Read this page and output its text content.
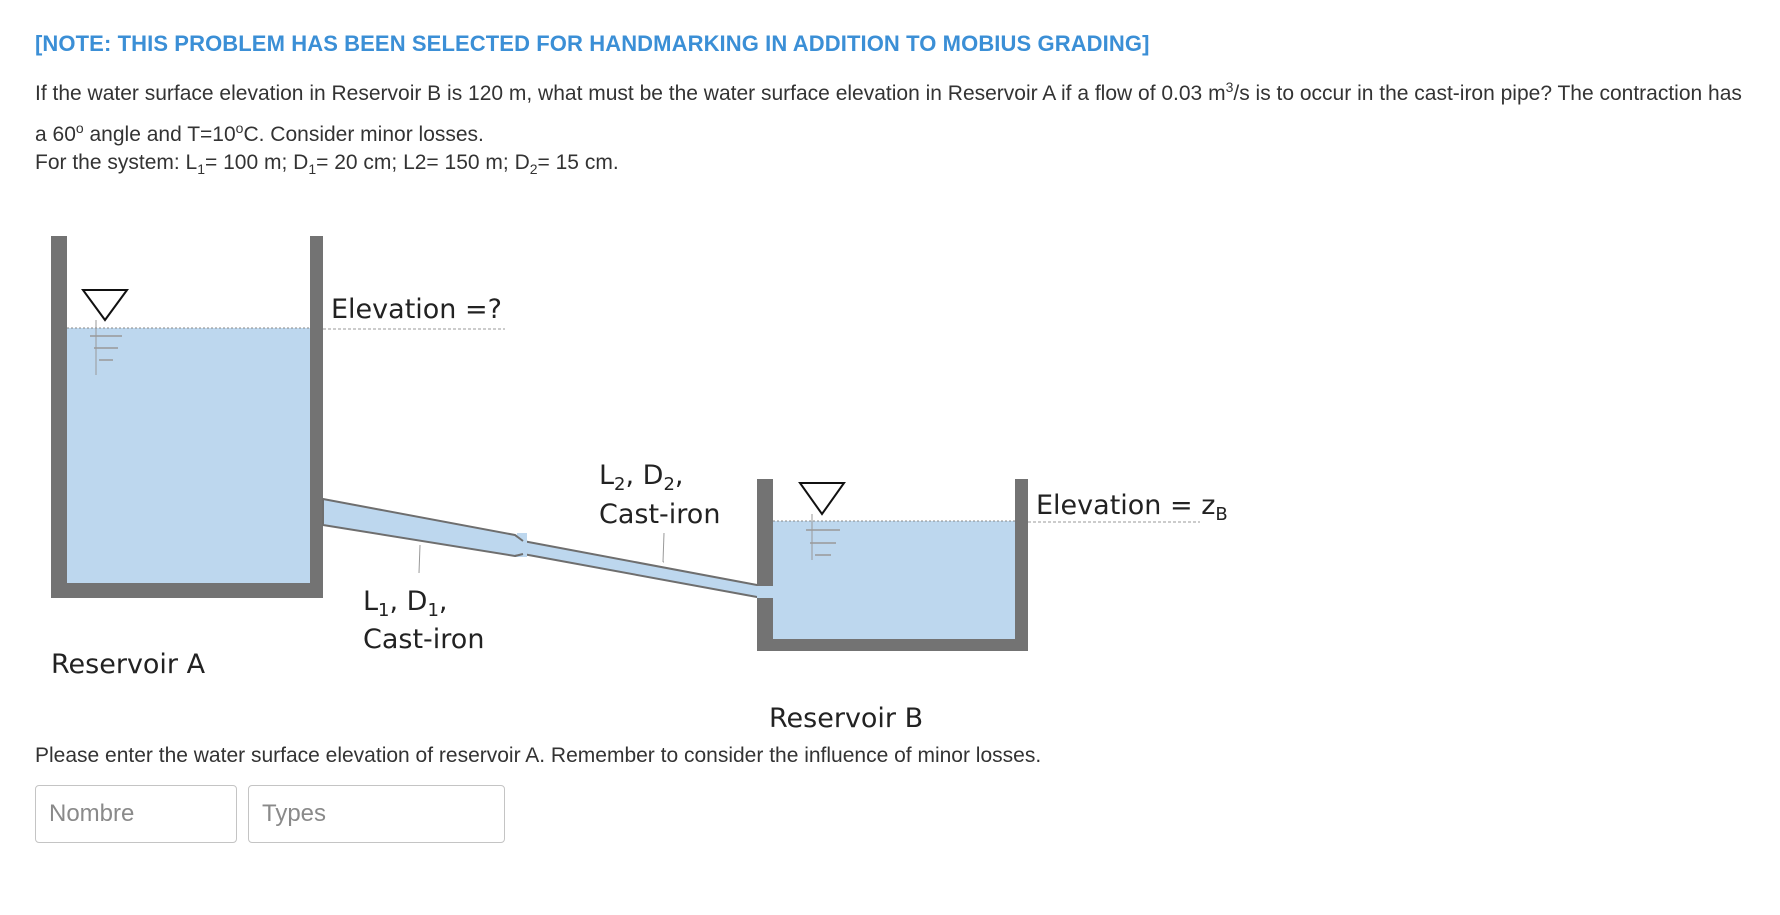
[NOTE: THIS PROBLEM HAS BEEN SELECTED FOR HANDMARKING IN ADDITION TO MOBIUS GRADING]
If the water surface elevation in Reservoir B is 120 m, what must be the water surface elevation in Reservoir A if a flow of 0.03 $m^3/s$ is to occur in the cast-iron pipe? The contraction has a 60$^o$ angle and $T=10^oC$. Consider minor losses.
For the system: $L_1= 100$ m; $D_1= 20$ cm; L2= 150 m; $D_2= 15$ cm.
Elevation =?
Elevation = $z_B$
$L_2$, $D_2$,
Cast-iron
$L_1$, $D_1$,
Cast-iron
Reservoir A
Reservoir B
Please enter the water surface elevation of reservoir A. Remember to consider the influence of minor losses.
Nombre
Types
